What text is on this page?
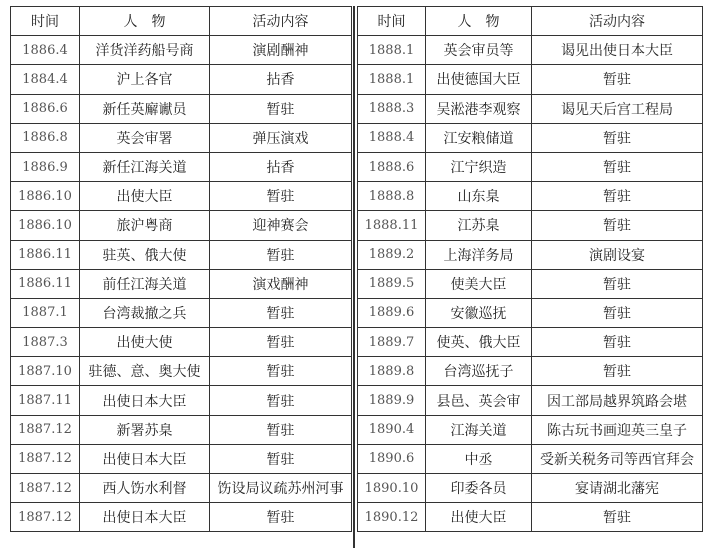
时间	人　物	活动内容
1886.4	洋货洋药船号商	演剧酬神
1884.4	沪上各官	拈香
1886.6	新任英廨谳员	暂驻
1886.8	英会审署	弹压演戏
1886.9	新任江海关道	拈香
1886.10	出使大臣	暂驻
1886.10	旅沪粤商	迎神赛会
1886.11	驻英、俄大使	暂驻
1886.11	前任江海关道	演戏酬神
1887.1	台湾裁撤之兵	暂驻
1887.3	出使大使	暂驻
1887.10	驻德、意、奥大使	暂驻
1887.11	出使日本大臣	暂驻
1887.12	新署苏臬	暂驻
1887.12	出使日本大臣	暂驻
1887.12	西人饬水利督	饬设局议疏苏州河事
1887.12	出使日本大臣	暂驻
时间	人　物	活动内容
1888.1	英会审员等	谒见出使日本大臣
1888.1	出使德国大臣	暂驻
1888.3	吴淞港李观察	谒见天后宫工程局
1888.4	江安粮储道	暂驻
1888.6	江宁织造	暂驻
1888.8	山东臬	暂驻
1888.11	江苏臬	暂驻
1889.2	上海洋务局	演剧设宴
1889.5	使美大臣	暂驻
1889.6	安徽巡抚	暂驻
1889.7	使英、俄大臣	暂驻
1889.8	台湾巡抚子	暂驻
1889.9	县邑、英会审	因工部局越界筑路会堪
1890.4	江海关道	陈古玩书画迎英三皇子
1890.6	中丞	受新关税务司等西官拜会
1890.10	印委各员	宴请湖北藩宪
1890.12	出使大臣	暂驻
